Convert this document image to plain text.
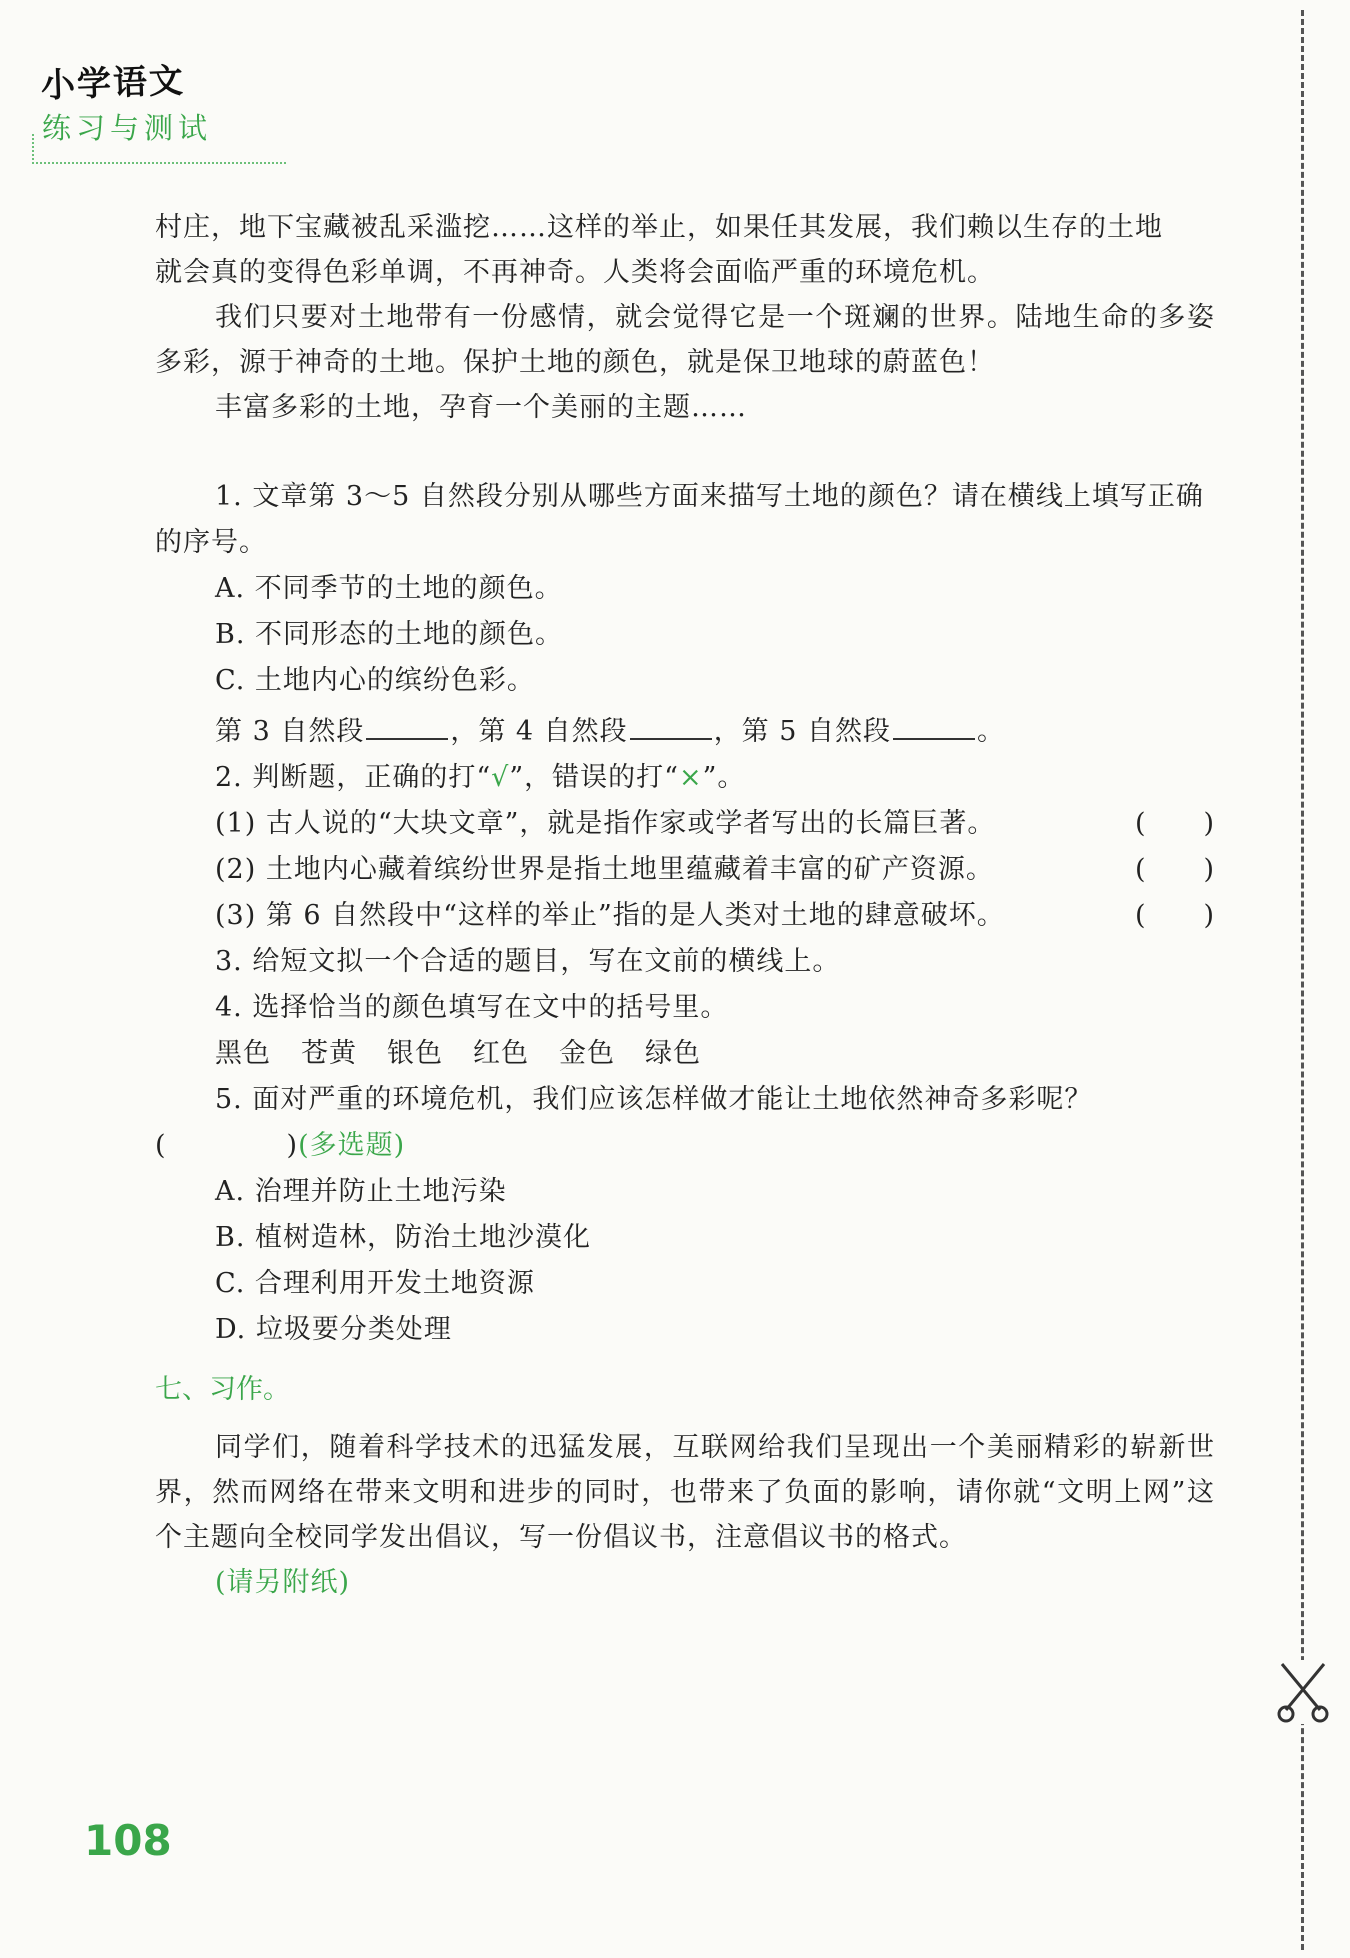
小学语文
练习与测试

村庄，地下宝藏被乱采滥挖……这样的举止，如果任其发展，我们赖以生存的土地

就会真的变得色彩单调，不再神奇。人类将会面临严重的环境危机。

我们只要对土地带有一份感情，就会觉得它是一个斑斓的世界。陆地生命的多姿多彩，源于神奇的土地。保护土地的颜色，就是保卫地球的蔚蓝色！

丰富多彩的土地，孕育一个美丽的主题……

1. 文章第 3～5 自然段分别从哪些方面来描写土地的颜色？请在横线上填写正确的序号。

A. 不同季节的土地的颜色。

B. 不同形态的土地的颜色。

C. 土地内心的缤纷色彩。

第 3 自然段	，第 4 自然段	，第 5 自然段	。

2. 判断题，正确的打“√”，错误的打“×”。

(1) 古人说的“大块文章”，就是指作家或学者写出的长篇巨著。	( )
(2) 土地内心藏着缤纷世界是指土地里蕴藏着丰富的矿产资源。	( )
(3) 第 6 自然段中“这样的举止”指的是人类对土地的肆意破坏。	( )

3. 给短文拟一个合适的题目，写在文前的横线上。

4. 选择恰当的颜色填写在文中的括号里。

黑色 苍黄 银色 红色 金色 绿色

5. 面对严重的环境危机，我们应该怎样做才能让土地依然神奇多彩呢？

(	)(多选题)

A. 治理并防止土地污染

B. 植树造林，防治土地沙漠化

C. 合理利用开发土地资源

D. 垃圾要分类处理

七、习作。

同学们，随着科学技术的迅猛发展，互联网给我们呈现出一个美丽精彩的崭新世界，然而网络在带来文明和进步的同时，也带来了负面的影响，请你就“文明上网”这个主题向全校同学发出倡议，写一份倡议书，注意倡议书的格式。

(请另附纸)

108
